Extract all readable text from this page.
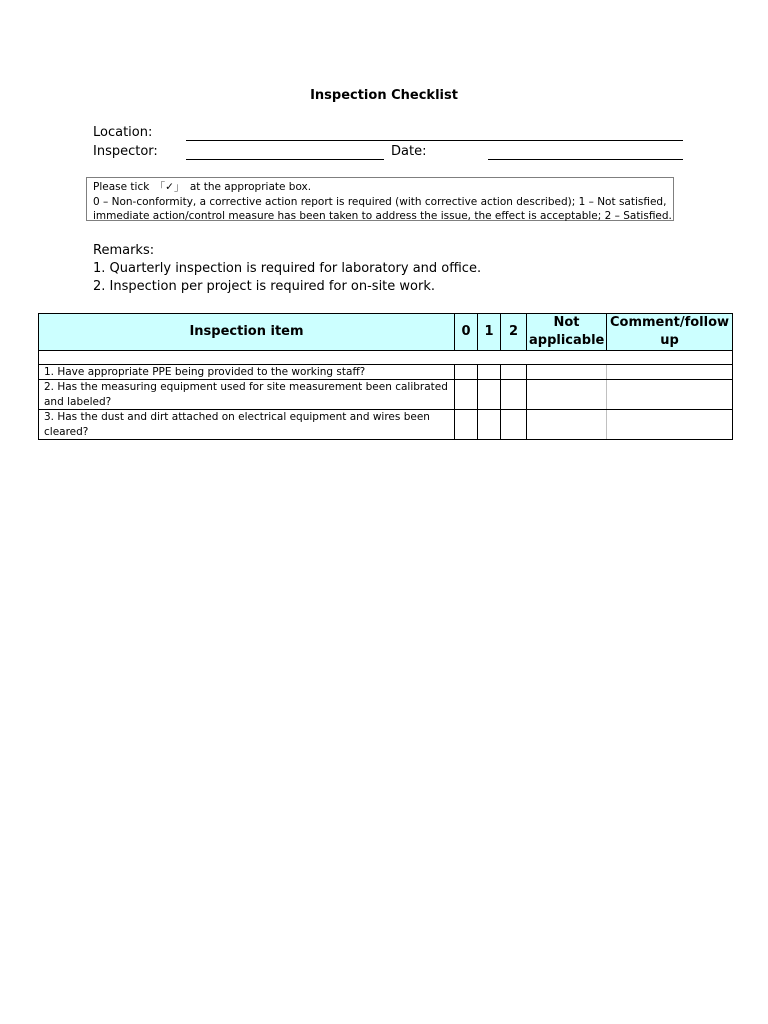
Inspection Checklist
Location:
Inspector:	Date:
Please tick 「✓」 at the appropriate box.
0 – Non-conformity, a corrective action report is required (with corrective action described); 1 – Not satisfied,
immediate action/control measure has been taken to address the issue, the effect is acceptable; 2 – Satisfied.
Remarks:
1. Quarterly inspection is required for laboratory and office.
2. Inspection per project is required for on-site work.
Inspection item	0	1	2	Not applicable	Comment/follow up

1. Have appropriate PPE being provided to the working staff?					
2. Has the measuring equipment used for site measurement been calibrated and labeled?					
3. Has the dust and dirt attached on electrical equipment and wires been cleared?					
